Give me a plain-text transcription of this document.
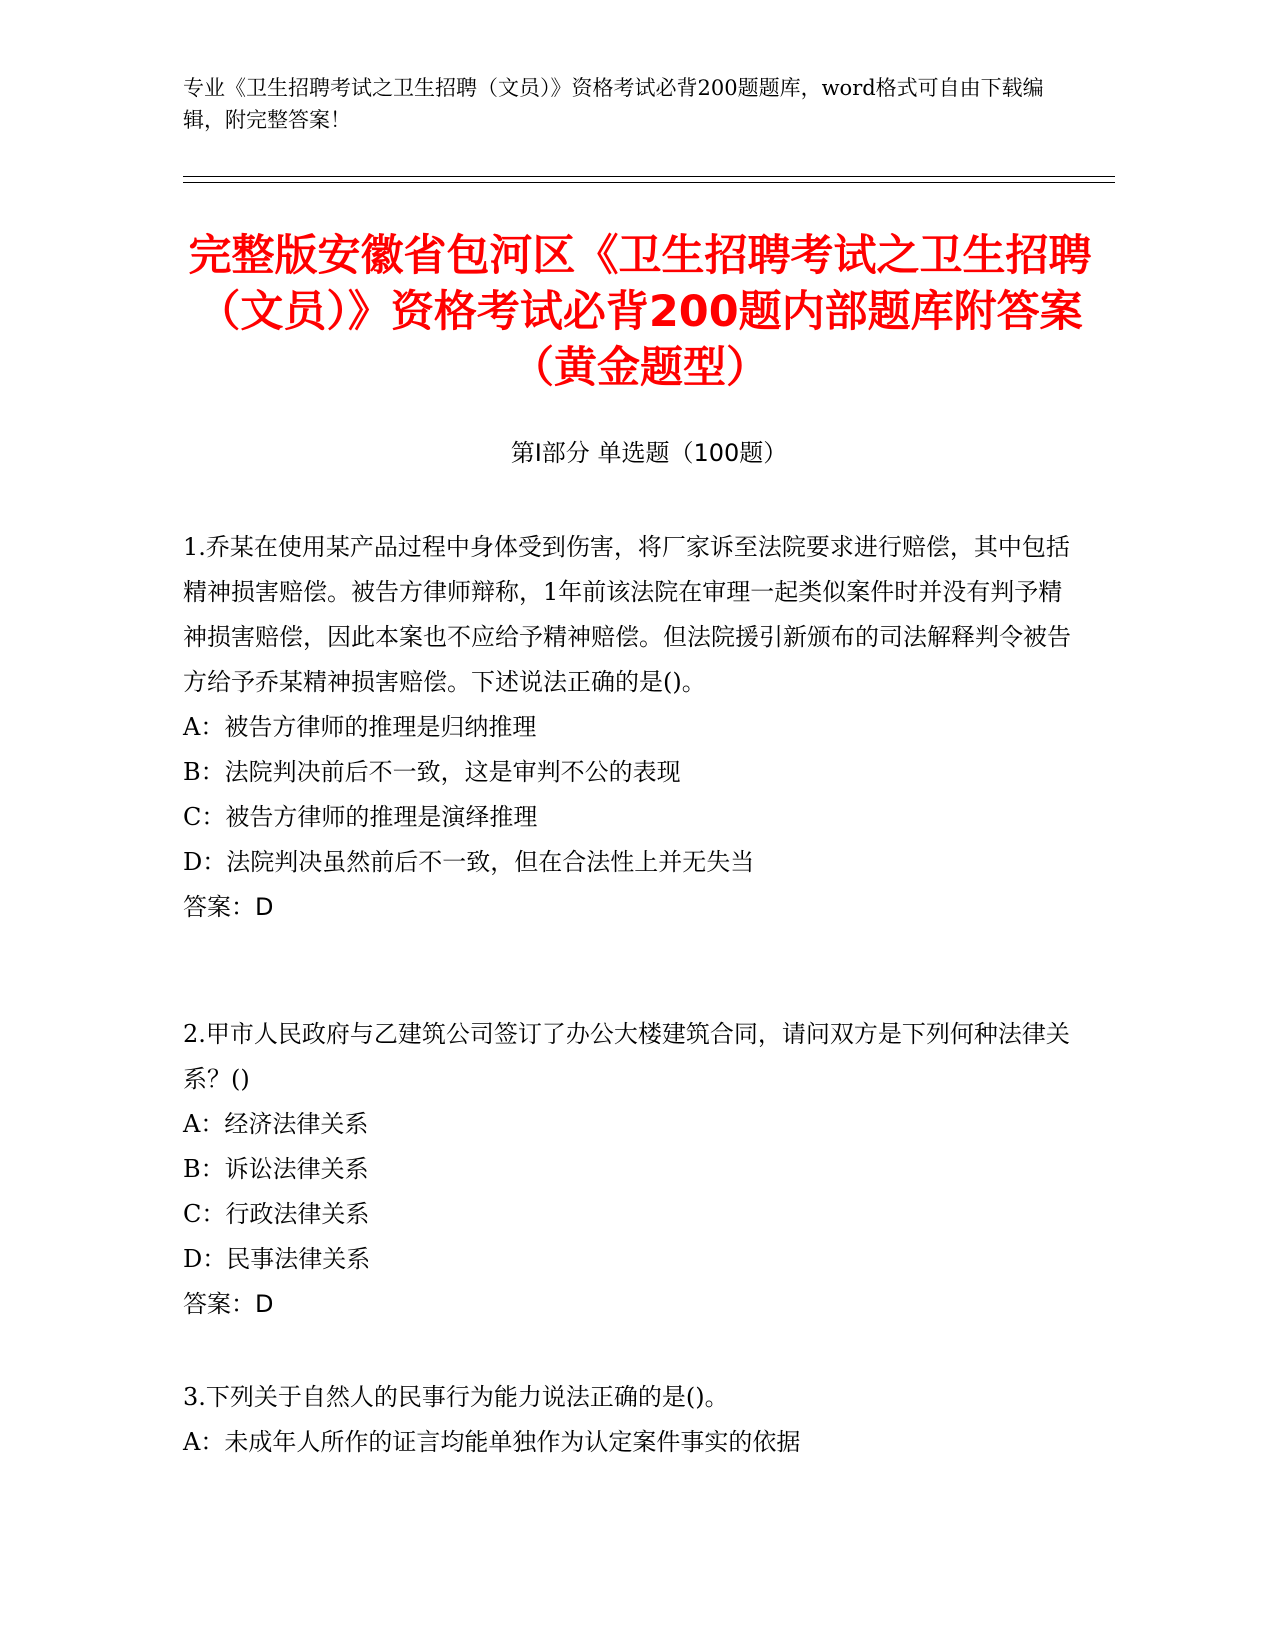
专业《卫生招聘考试之卫生招聘（文员）》资格考试必背200题题库，word格式可自由下载编辑，附完整答案！
完整版安徽省包河区《卫生招聘考试之卫生招聘（文员）》资格考试必背200题内部题库附答案（黄金题型）
第Ⅰ部分 单选题（100题）

1.乔某在使用某产品过程中身体受到伤害，将厂家诉至法院要求进行赔偿，其中包括精神损害赔偿。被告方律师辩称，1年前该法院在审理一起类似案件时并没有判予精神损害赔偿，因此本案也不应给予精神赔偿。但法院援引新颁布的司法解释判令被告方给予乔某精神损害赔偿。下述说法正确的是()。

A：被告方律师的推理是归纳推理

B：法院判决前后不一致，这是审判不公的表现

C：被告方律师的推理是演绎推理

D：法院判决虽然前后不一致，但在合法性上并无失当

答案：D

2.甲市人民政府与乙建筑公司签订了办公大楼建筑合同，请问双方是下列何种法律关系？()

A：经济法律关系

B：诉讼法律关系

C：行政法律关系

D：民事法律关系

答案：D

3.下列关于自然人的民事行为能力说法正确的是()。

A：未成年人所作的证言均能单独作为认定案件事实的依据
